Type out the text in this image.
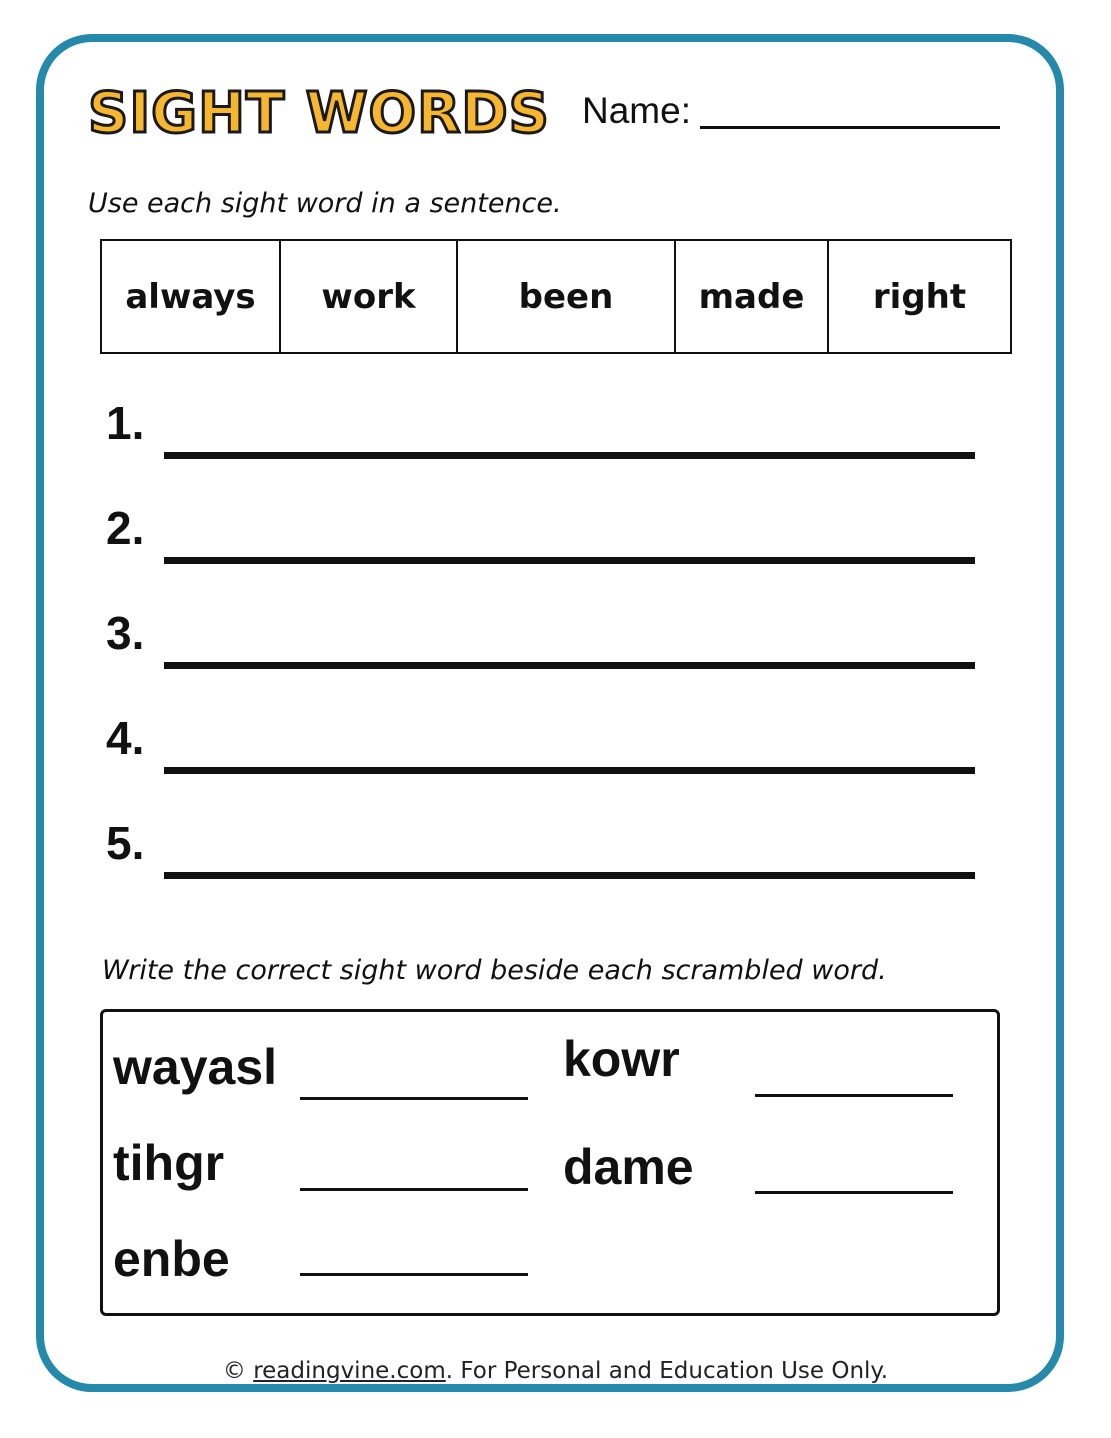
SIGHT WORDS Name:
Use each sight word in a sentence.
always	work	been	made	right
1.
2.
3.
4.
5.
Write the correct sight word beside each scrambled word.
wayasl	kowr
tihgr	dame
enbe
© readingvine.com. For Personal and Education Use Only.
